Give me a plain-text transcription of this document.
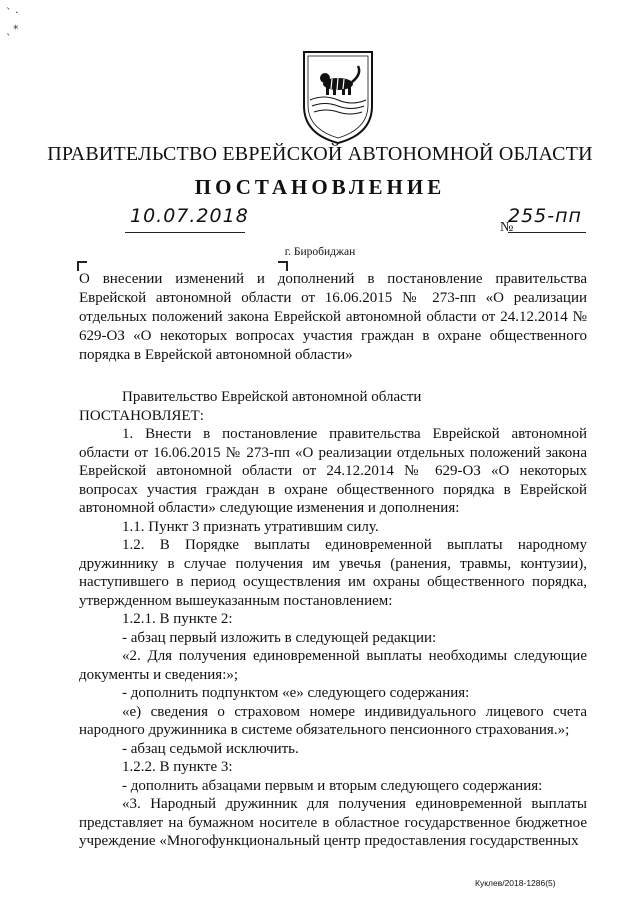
` ·
⁎
`
ПРАВИТЕЛЬСТВО ЕВРЕЙСКОЙ АВТОНОМНОЙ ОБЛАСТИ
ПОСТАНОВЛЕНИЕ
10.07.2018
№
255-пп
г. Биробиджан
О внесении изменений и дополнений в постановление правительства Еврейской автономной области от 16.06.2015 № 273-пп «О реализации отдельных положений закона Еврейской автономной области от 24.12.2014 № 629-ОЗ «О некоторых вопросах участия граждан в охране общественного порядка в Еврейской автономной области»

Правительство Еврейской автономной области

ПОСТАНОВЛЯЕТ:

1. Внести в постановление правительства Еврейской автономной области от 16.06.2015 № 273-пп «О реализации отдельных положений закона Еврейской автономной области от 24.12.2014 № 629-ОЗ «О некоторых вопросах участия граждан в охране общественного порядка в Еврейской автономной области» следующие изменения и дополнения:

1.1. Пункт 3 признать утратившим силу.

1.2. В Порядке выплаты единовременной выплаты народному дружиннику в случае получения им увечья (ранения, травмы, контузии), наступившего в период осуществления им охраны общественного порядка, утвержденном вышеуказанным постановлением:

1.2.1. В пункте 2:

- абзац первый изложить в следующей редакции:

«2. Для получения единовременной выплаты необходимы следующие документы и сведения:»;

- дополнить подпунктом «е» следующего содержания:

«е) сведения о страховом номере индивидуального лицевого счета народного дружинника в системе обязательного пенсионного страхования.»;

- абзац седьмой исключить.

1.2.2. В пункте 3:

- дополнить абзацами первым и вторым следующего содержания:

«3. Народный дружинник для получения единовременной выплаты представляет на бумажном носителе в областное государственное бюджетное учреждение «Многофункциональный центр предоставления государственных

Куклев/2018-1286(5)
